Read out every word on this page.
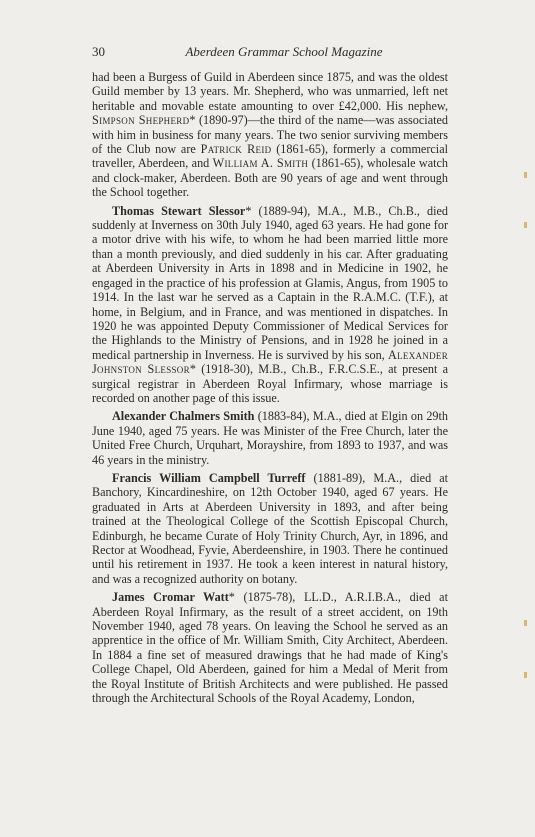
30	Aberdeen Grammar School Magazine

had been a Burgess of Guild in Aberdeen since 1875, and was the oldest Guild member by 13 years. Mr. Shepherd, who was unmarried, left net heritable and movable estate amounting to over £42,000. His nephew, Simpson Shepherd* (1890-97)—the third of the name—was associated with him in business for many years. The two senior surviving members of the Club now are Patrick Reid (1861-65), formerly a commercial traveller, Aberdeen, and William A. Smith (1861-65), wholesale watch and clock-maker, Aberdeen. Both are 90 years of age and went through the School together.

Thomas Stewart Slessor* (1889-94), M.A., M.B., Ch.B., died suddenly at Inverness on 30th July 1940, aged 63 years. He had gone for a motor drive with his wife, to whom he had been married little more than a month previously, and died suddenly in his car. After graduating at Aberdeen University in Arts in 1898 and in Medicine in 1902, he engaged in the practice of his profession at Glamis, Angus, from 1905 to 1914. In the last war he served as a Captain in the R.A.M.C. (T.F.), at home, in Belgium, and in France, and was mentioned in dispatches. In 1920 he was appointed Deputy Commissioner of Medical Services for the Highlands to the Ministry of Pensions, and in 1928 he joined in a medical partnership in Inverness. He is survived by his son, Alexander Johnston Slessor* (1918-30), M.B., Ch.B., F.R.C.S.E., at present a surgical registrar in Aberdeen Royal Infirmary, whose marriage is recorded on another page of this issue.

Alexander Chalmers Smith (1883-84), M.A., died at Elgin on 29th June 1940, aged 75 years. He was Minister of the Free Church, later the United Free Church, Urquhart, Morayshire, from 1893 to 1937, and was 46 years in the ministry.

Francis William Campbell Turreff (1881-89), M.A., died at Banchory, Kincardineshire, on 12th October 1940, aged 67 years. He graduated in Arts at Aberdeen University in 1893, and after being trained at the Theological College of the Scottish Episcopal Church, Edinburgh, he became Curate of Holy Trinity Church, Ayr, in 1896, and Rector at Woodhead, Fyvie, Aberdeenshire, in 1903. There he continued until his retirement in 1937. He took a keen interest in natural history, and was a recognized authority on botany.

James Cromar Watt* (1875-78), LL.D., A.R.I.B.A., died at Aberdeen Royal Infirmary, as the result of a street accident, on 19th November 1940, aged 78 years. On leaving the School he served as an apprentice in the office of Mr. William Smith, City Architect, Aberdeen. In 1884 a fine set of measured drawings that he had made of King's College Chapel, Old Aberdeen, gained for him a Medal of Merit from the Royal Institute of British Architects and were published. He passed through the Architectural Schools of the Royal Academy, London,
